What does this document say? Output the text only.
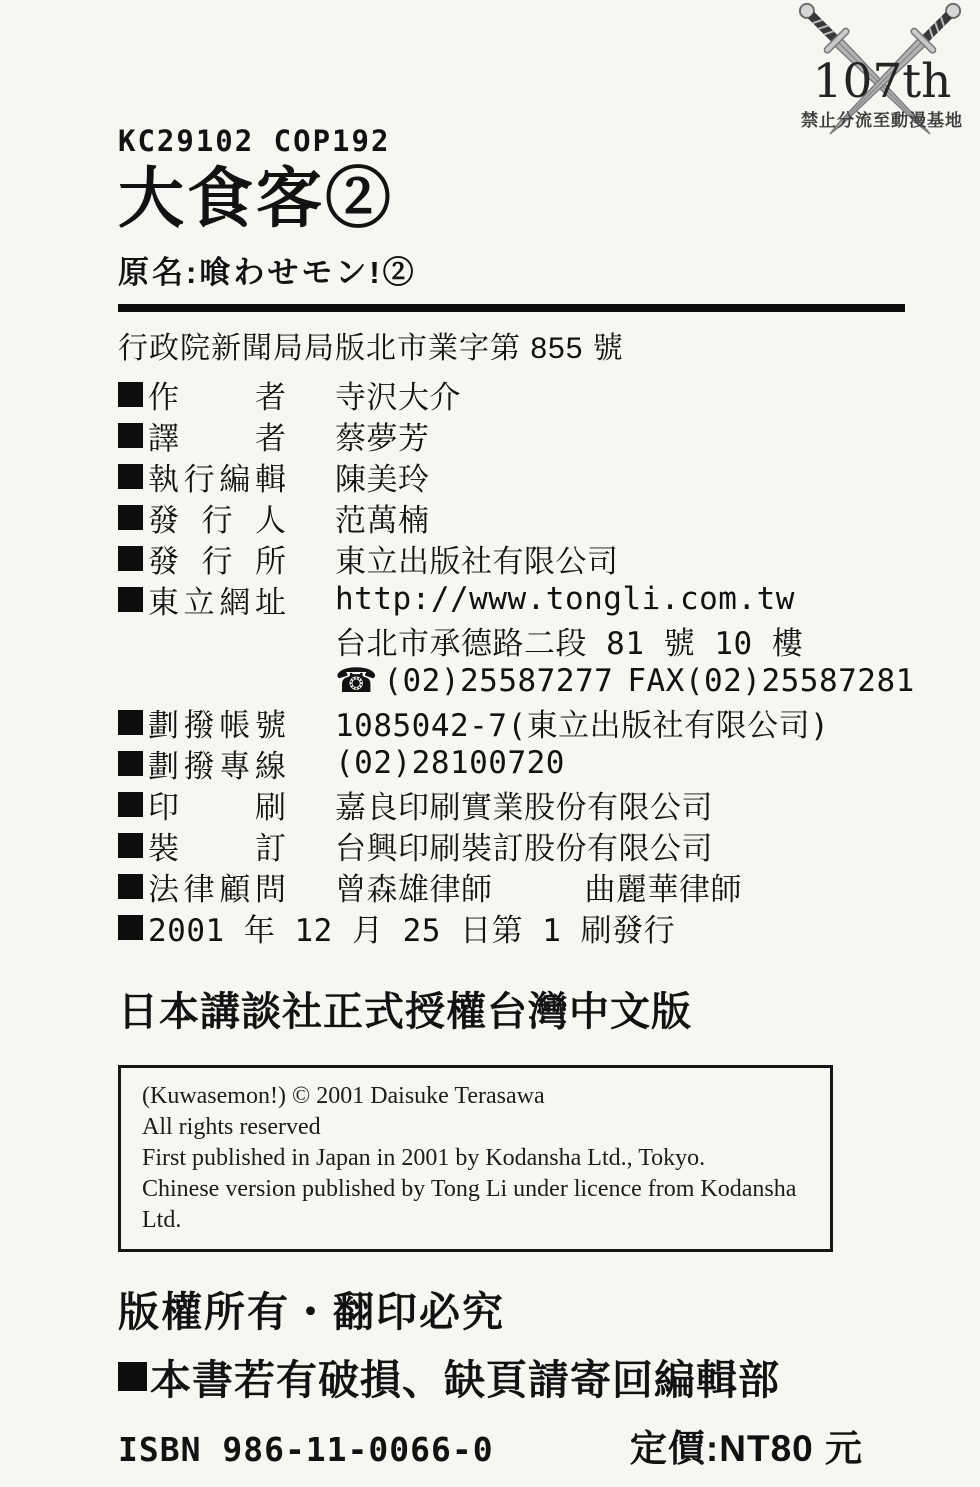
107th
禁止分流至動漫基地
KC29102 COP192
大食客②
原名:喰わせモン!②
行政院新聞局局版北市業字第 855 號
作者 寺沢大介
譯者 蔡夢芳
執行編輯 陳美玲
發行人 范萬楠
發行所 東立出版社有限公司
東立網址 http://www.tongli.com.tw
台北市承德路二段 81 號 10 樓
☎ (02)25587277 FAX(02)25587281
劃撥帳號 1085042-7(東立出版社有限公司)
劃撥專線 (02)28100720
印刷 嘉良印刷實業股份有限公司
裝訂 台興印刷裝訂股份有限公司
法律顧問 曾森雄律師	曲麗華律師
2001 年 12 月 25 日第 1 刷發行
日本講談社正式授權台灣中文版
(Kuwasemon!) © 2001 Daisuke Terasawa
All rights reserved
First published in Japan in 2001 by Kodansha Ltd., Tokyo.
Chinese version published by Tong Li under licence from Kodansha Ltd.
版權所有・翻印必究
本書若有破損、缺頁請寄回編輯部
ISBN 986-11-0066-0	定價:NT80 元
